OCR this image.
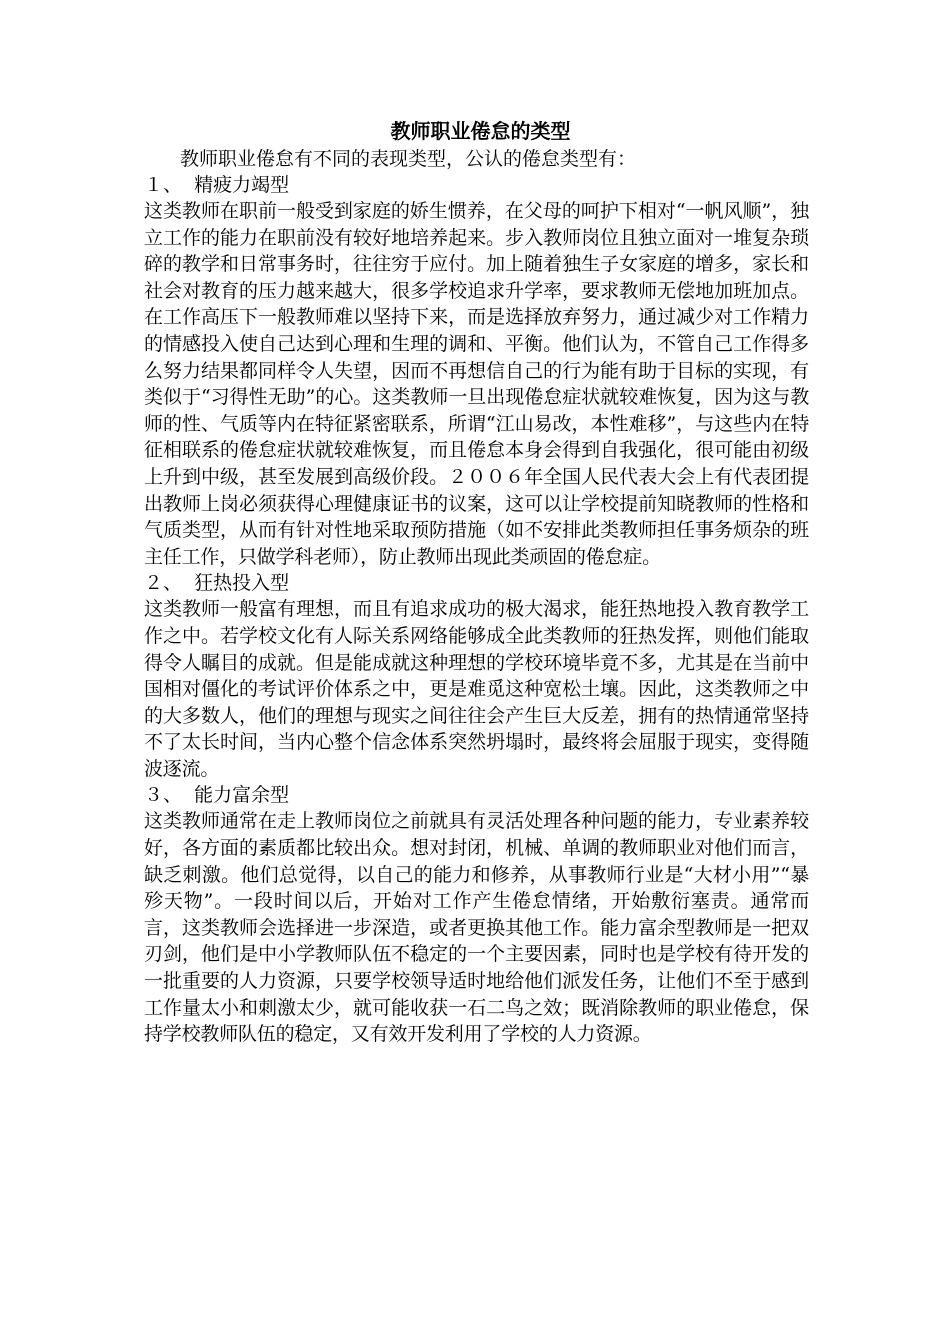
教师职业倦怠的类型

教师职业倦怠有不同的表现类型，公认的倦怠类型有：

１、  精疲力竭型

这类教师在职前一般受到家庭的娇生惯养，在父母的呵护下相对“一帆风顺”，独立工作的能力在职前没有较好地培养起来。步入教师岗位且独立面对一堆复杂琐碎的教学和日常事务时，往往穷于应付。加上随着独生子女家庭的增多，家长和社会对教育的压力越来越大，很多学校追求升学率，要求教师无偿地加班加点。在工作高压下一般教师难以坚持下来，而是选择放弃努力，通过减少对工作精力的情感投入使自己达到心理和生理的调和、平衡。他们认为，不管自己工作得多么努力结果都同样令人失望，因而不再想信自己的行为能有助于目标的实现，有类似于“习得性无助”的心。这类教师一旦出现倦怠症状就较难恢复，因为这与教师的性、气质等内在特征紧密联系，所谓“江山易改，本性难移”，与这些内在特征相联系的倦怠症状就较难恢复，而且倦怠本身会得到自我强化，很可能由初级上升到中级，甚至发展到高级价段。２００６年全国人民代表大会上有代表团提出教师上岗必须获得心理健康证书的议案，这可以让学校提前知晓教师的性格和气质类型，从而有针对性地采取预防措施（如不安排此类教师担任事务烦杂的班主任工作，只做学科老师），防止教师出现此类顽固的倦怠症。

２、  狂热投入型

这类教师一般富有理想，而且有追求成功的极大渴求，能狂热地投入教育教学工作之中。若学校文化有人际关系网络能够成全此类教师的狂热发挥，则他们能取得令人瞩目的成就。但是能成就这种理想的学校环境毕竟不多，尤其是在当前中国相对僵化的考试评价体系之中，更是难觅这种宽松土壤。因此，这类教师之中的大多数人，他们的理想与现实之间往往会产生巨大反差，拥有的热情通常坚持不了太长时间，当内心整个信念体系突然坍塌时，最终将会屈服于现实，变得随波逐流。

３、  能力富余型

这类教师通常在走上教师岗位之前就具有灵活处理各种问题的能力，专业素养较好，各方面的素质都比较出众。想对封闭，机械、单调的教师职业对他们而言，缺乏刺激。他们总觉得，以自己的能力和修养，从事教师行业是“大材小用”“暴殄天物”。一段时间以后，开始对工作产生倦怠情绪，开始敷衍塞责。通常而言，这类教师会选择进一步深造，或者更换其他工作。能力富余型教师是一把双刃剑，他们是中小学教师队伍不稳定的一个主要因素，同时也是学校有待开发的一批重要的人力资源，只要学校领导适时地给他们派发任务，让他们不至于感到工作量太小和刺激太少，就可能收获一石二鸟之效；既消除教师的职业倦怠，保持学校教师队伍的稳定，又有效开发利用了学校的人力资源。
